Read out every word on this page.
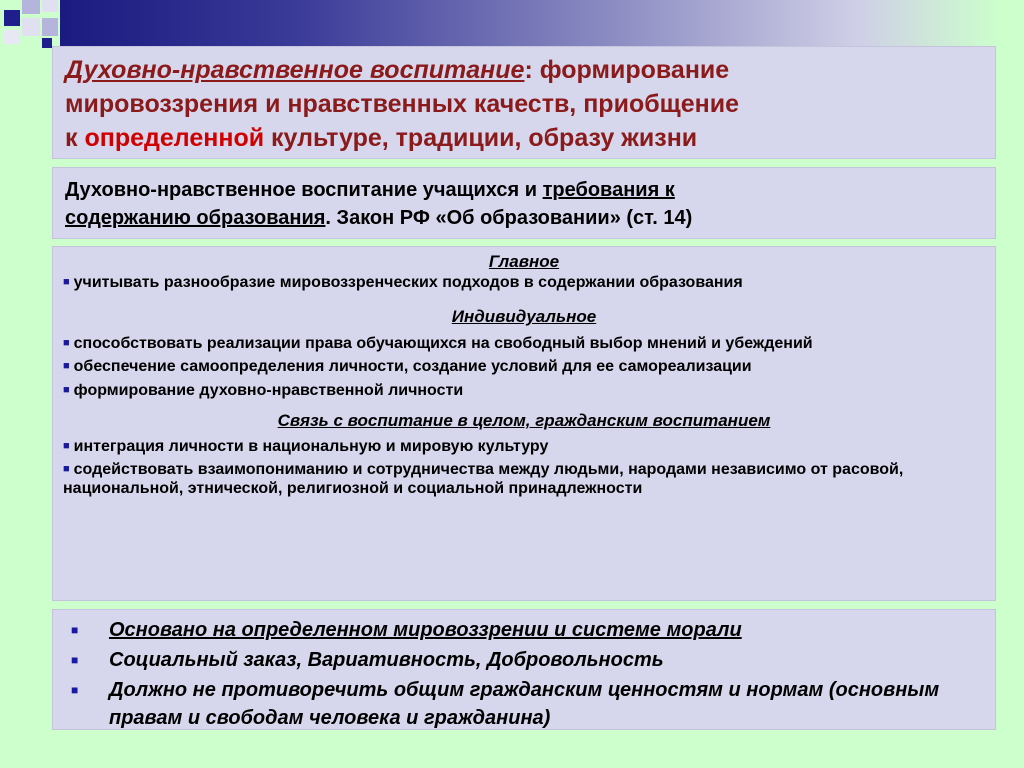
Духовно-нравственное воспитание: формирование
мировоззрения и нравственных качеств, приобщение
к определенной культуре, традиции, образу жизни
Духовно-нравственное воспитание учащихся и требования к
содержанию образования. Закон РФ «Об образовании» (ст. 14)
Главное
■ учитывать разнообразие мировоззренческих подходов в содержании образования
Индивидуальное
■ способствовать реализации права обучающихся на свободный выбор мнений и убеждений
■ обеспечение самоопределения личности, создание условий для ее самореализации
■ формирование духовно-нравственной личности
Связь с воспитание в целом, гражданским воспитанием
■ интеграция личности в национальную и мировую культуру
■ содействовать взаимопониманию и сотрудничества между людьми, народами независимо от расовой, национальной, этнической, религиозной и социальной принадлежности
■	Основано на определенном мировоззрении и системе морали
■	Социальный заказ, Вариативность, Добровольность
■	Должно не противоречить общим гражданским ценностям и нормам (основным правам и свободам человека и гражданина)
